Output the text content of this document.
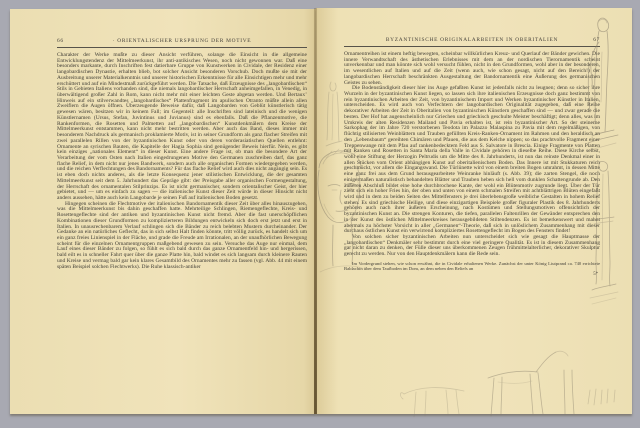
66	· ORIENTALISCHER URSPRUNG DER MOTIVE

Charakter der Werke mußte zu dieser Ansicht verführen, solange die Einsicht in die allgemeine Entwicklungstendenz der Mittelmeerkunst, ihr anti-antikisches Wesen, noch nicht gewonnen war. Daß eine besonders markante, durch Inschriften fest datierbare Gruppe von Kunstwerken in Cividale, der Residenz einer langobardischen Dynastie, erhalten blieb, bot solcher Ansicht besonderen Vorschub. Doch mußte sie mit der Ausbreitung unserer Materialkenntnis und unserer historischen Erkenntnisse für alle Einsichtigen mehr und mehr erschüttert und auf ein Mindestmaß zurückgeführt werden. Die Tatsache, daß Erzeugnisse des „langobardischen“ Stils in Gebieten Italiens vorhanden sind, die niemals langobardischer Herrschaft anheimgefallen, in Venedig, in überwältigend großer Zahl in Rom, kann nicht mehr mit einer leichten Geste abgetan werden. Und Bertaux’ Hinweis auf ein stilverwandtes „langobardisches“ Plattenfragment im apulischen Otranto müßte allein allen Zweiflern die Augen öffnen. Überzeugende Beweise dafür, daß Langobarden von Geblüt künstlerisch tätig gewesen wären, besitzen wir in keinem Fall; im Gegenteil: alle Inschriften sind lateinisch und die wenigen Künstlernamen (Ursus, Stefan, Juvintinus und Juvianus) sind es ebenfalls. Daß die Pflanzenmotive, die Rankenformen, die Rosetten und Palmetten auf „langobardischen“ Kunstdenkmälern dem Kreise der Mittelmeerkunst entstammen, kann nicht mehr bestritten werden. Aber auch das Band, dieses immer mit besonderem Nachdruck als germanisch proklamierte Motiv, ist in seiner Grundform als ganz flacher Streifen mit zwei parallelen Rillen von der byzantinischen Kunst oder von deren vorderasiatischen Quellen entlehnt: Ornamente an syrischen Bauten, die Kapitelle der Hagia Sophia sind genügender Beweis hierfür. Nein, es gibt kein einziges „nationales Element“ in dieser Kunst. Eine andere Frage ist, ob man die besondere Art der Verarbeitung der vom Osten nach Italien eingedrungenen Motive den Germanen zuschreiben darf, das ganz flache Relief, in dem nicht nur jenes Bandwerk, sondern auch alle organischen Formen wiedergegeben werden, und die reichen Verflechtungen des Bandornaments? Für das flache Relief wird auch dies nicht angängig sein. Es ist eben doch nichts anderes, als die letzte Konsequenz jener stilistischen Entwicklung, die der gesamten Mittelmeerkunst seit dem 5. Jahrhundert das Gepräge gibt: der Preisgabe aller organischen Formengestaltung, der Herrschaft des ornamentalen Stilprinzips. Es ist nicht germanischer, sondern orientalischer Geist, der hier gebietet, und — um es einfach zu sagen — die italienische Kunst dieser Zeit würde in dieser Hinsicht nicht anders aussehen, hätte auch kein Langobarde je seinen Fuß auf italienischen Boden gesetzt.

Hingegen scheinen die Flechtmotive der italienischen Bandornamentik dieser Zeit über alles hinauszugehen, was die Mittelmeerkunst bis dahin geschaffen hatte. Mehrteilige Schlingen, Riemengeflechte, Kreis- und Rosettengeflechte sind der antiken und byzantinischen Kunst nicht fremd. Aber die fast unerschöpflichen Kombinationen dieser Grundformen zu komplizierteren Bildungen entwickeln sich doch erst jetzt und erst in Italien. In unausrechenbarem Verlauf schlingen sich die Bänder zu reich belebten Mustern durcheinander. Der Gedanke an ein natürliches Geflecht, das in sich selbst Halt finden könnte, tritt völlig zurück, es handelt sich um ein ganz freies Linienspiel in der Fläche, und grade die Freude am Irrationalen, an der unaufhörlichen Bewegung scheint für die einzelnen Ornamentgruppen maßgebend gewesen zu sein. Versuche das Auge nur einmal, dem Lauf eines dieser Bänder zu folgen, so fühlt es sich bald durch das ganze Ornamentfeld hin- und hergerissen, bald eilt es in schneller Fahrt quer über die ganze Platte hin, bald windet es sich langsam durch kleinere Rauten und Kreise und vermag bald gar kein klares Gesamtbild des Ornamentes mehr zu fassen (vgl. Abb. 44 mit einem späten Beispiel solchen Flechtwerks). Die Ruhe klassisch-antiker

BYZANTINISCHE ORIGINALARBEITEN IN OBERITALIEN	67

Ornamentreihen ist einem heftig bewegten, scheinbar willkürlichen Kreuz- und Querlauf der Bänder gewichen. Die innere Verwandtschaft des ästhetischen Erlebnisses mit dem an der nordischen Tierornamentik scheint unverkennbar und man könnte sich wohl versucht fühlen, nicht in den Grundformen, wohl aber in der besonderen, im wesentlichen auf Italien und auf die Zeit (wenn auch, wie schon gesagt, nicht auf den Bereich!) der langobardischen Herrschaft beschränkten Ausgestaltung der Bandornamentik eine Äußerung des germanischen Geistes zu sehen.

Die Bodenständigkeit dieser hier ins Auge gefaßten Kunst ist jedenfalls nicht zu leugnen; denn so sicher ihre Wurzeln in der byzantinischen Kunst liegen, so lassen sich ihre italienischen Erzeugnisse doch ganz bestimmt von rein byzantinischen Arbeiten der Zeit, von byzantinischem Import und Werken byzantinischer Künstler in Italien, unterscheiden. Es wird auch von Verfechtern der langobardischen Originalität zugegeben, daß eine Reihe dekorativer Arbeiten der Zeit in Oberitalien von byzantinischen Künstlern geschaffen sind — und zwar gerade die besten. Der Hof hat augenscheinlich nur Griechen und griechisch geschulte Meister beschäftigt; denn alles, was im Umkreis der alten Residenzen Mailand und Pavia erhalten ist, ist rein byzantinischer Art. So der steinerne Sarkophag der im Jahre 720 verstorbenen Teodota im Palazzo Malaspina zu Pavia mit dem regelmäßigen, von flüchtig stilisierten Weinblättern und Trauben gefüllten Kreis-Ranken-Ornament im Rahmen und den heraldisch an den „Lebensbaum“ gereihten Chimären und Pfauen, die aus dem Kelche nippen; so das prachtvolle Fragment einer Treppenwange mit dem Pfau auf rankenbedecktem Feld aus S. Salvatore in Brescia. Einige Fragmente von Platten mit Ranken und Rosetten in Santa Maria della Valle in Cividale gehören in dieselbe Reihe. Diese Kirche selbst, wohl eine Stiftung der Herzogin Peltrudis um die Mitte des 8. Jahrhunderts, ist nun das reinste Denkmal einer in allen Stücken vom Orient abhängigen Kunst auf oberitalienischem Boden. Das Innere ist mit Stukkaturen reich geschmückt, vor allem die Eingangswand. Die Türlünette wird von einem breiten Bogen umrahmt, in dessen Mitte eine ganz frei aus dem Grund herausgearbeitete Weinranke hinläuft (s. Abb. 39); die zarten Stengel, die noch einigermaßen naturalistisch behandelten Blätter und Trauben heben sich hell vom dunklen Schattengrunde ab. Den äußeren Abschluß bildet eine hohe durchbrochene Kante, der wohl ein Blütenmotiv zugrunde liegt. Über der Tür zieht sich ein hoher Fries hin, der oben und unten von einem schmalen Streifen mit achtblättrigen Blüten eingefaßt wird und in dem zu beiden Seiten des Mittelfensters je drei überlebensgroße weibliche Gestalten in hohem Relief stehen. Es sind griechische Heilige, und diese einzigartigen Beispiele großer figuraler Plastik des 8. Jahrhunderts gehören auch nach ihrer äußeren Erscheinung, nach Kostümen und Stellungsmotiven offensichtlich der byzantinischen Kunst an. Die strengen Konturen, die tiefen, parallelen Faltenrillen der Gewänder entsprechen den in der Kunst des östlichen Mittelmeerkreises herausgebildeten Stiltendenzen. Es ist bemerkenswert und mahnt abermals zu höchster Vorsicht in aller „Germanen“-Theorie, daß sich in unlöslichem Zusammenhang mit dieser durchaus östlichen Kunst ein verwirrend kompliziertes Rosettengeflecht im Bogen des Fensters findet!

Von solchen sicher byzantinischen Arbeiten nun unterscheidet sich wie gesagt die Hauptmasse der „langobardischen“ Denkmäler sehr bestimmt durch eine viel geringere Qualität. Es ist in diesem Zusammenhang gar nicht daran zu denken, der Fülle dieser uns überkommenen Zeugen frühmittelalterlicher, dekorativer Skulptur gerecht zu werden. Nur von den Hauptdenkmälern kann die Rede sein.

Im Vordergrund stehen, wie schon erwähnt, die in Cividale erhaltenen Werke. Zunächst der unter König Liutprand ca. 740 errichtete Baldachin über dem Taufboden im Dom, an dem neben den Reliefs an
5*
